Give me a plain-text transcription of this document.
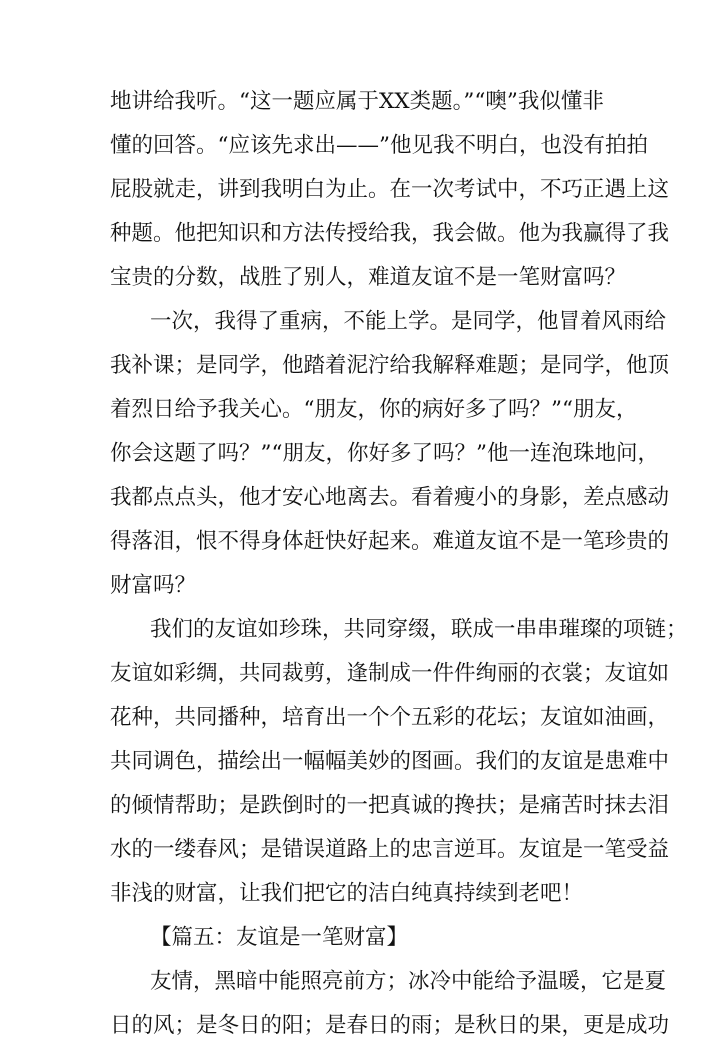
地讲给我听。“这一题应属于XX类题。”“噢”我似懂非
懂的回答。“应该先求出——”他见我不明白，也没有拍拍
屁股就走，讲到我明白为止。在一次考试中，不巧正遇上这
种题。他把知识和方法传授给我，我会做。他为我赢得了我
宝贵的分数，战胜了别人，难道友谊不是一笔财富吗？
一次，我得了重病，不能上学。是同学，他冒着风雨给
我补课；是同学，他踏着泥泞给我解释难题；是同学，他顶
着烈日给予我关心。“朋友，你的病好多了吗？”“朋友，
你会这题了吗？”“朋友，你好多了吗？”他一连泡珠地问，
我都点点头，他才安心地离去。看着瘦小的身影，差点感动
得落泪，恨不得身体赶快好起来。难道友谊不是一笔珍贵的
财富吗？
我们的友谊如珍珠，共同穿缀，联成一串串璀璨的项链；
友谊如彩绸，共同裁剪，逢制成一件件绚丽的衣裳；友谊如
花种，共同播种，培育出一个个五彩的花坛；友谊如油画，
共同调色，描绘出一幅幅美妙的图画。我们的友谊是患难中
的倾情帮助；是跌倒时的一把真诚的搀扶；是痛苦时抹去泪
水的一缕春风；是错误道路上的忠言逆耳。友谊是一笔受益
非浅的财富，让我们把它的洁白纯真持续到老吧！
【篇五：友谊是一笔财富】
友情，黑暗中能照亮前方；冰冷中能给予温暖，它是夏
日的风；是冬日的阳；是春日的雨；是秋日的果，更是成功
